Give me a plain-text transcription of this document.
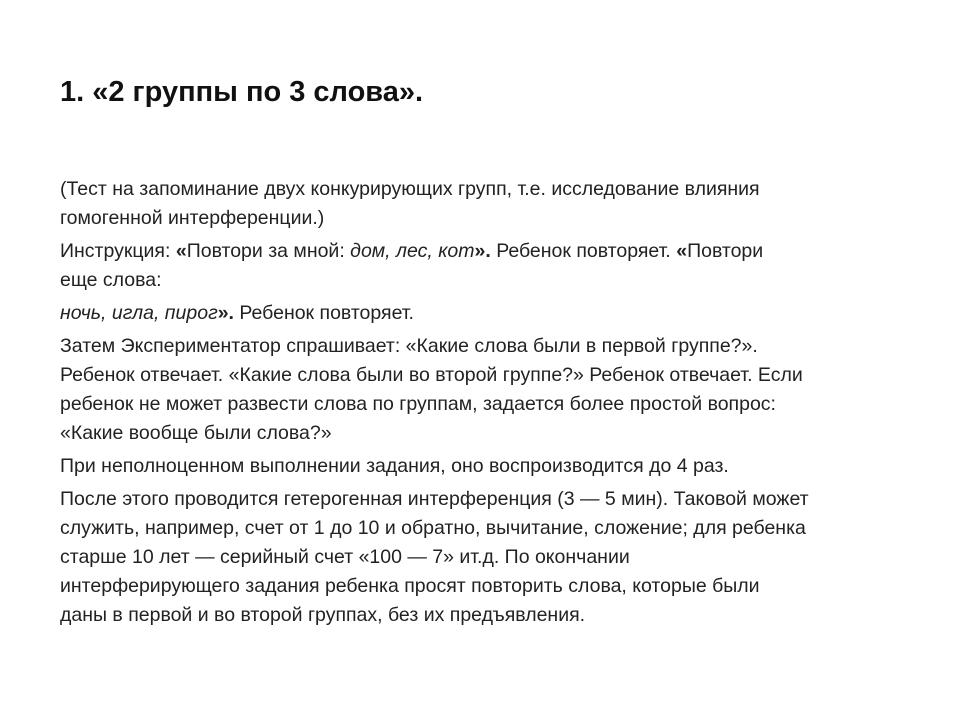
1. «2 группы по 3 слова».
(Тест на запоминание двух конкурирующих групп, т.е. исследование влияния
гомогенной интерференции.)
Инструкция: «Повтори за мной: дом, лес, кот». Ребенок повторяет. «Повтори
еще слова:
ночь, игла, пирог». Ребенок повторяет.
Затем Экспериментатор спрашивает: «Какие слова были в первой группе?».
Ребенок отвечает. «Какие слова были во второй группе?» Ребенок отвечает. Если
ребенок не может развести слова по группам, задается более простой вопрос:
«Какие вообще были слова?»
При неполноценном выполнении задания, оно воспроизводится до 4 раз.
После этого проводится гетерогенная интерференция (3 — 5 мин). Таковой может
служить, например, счет от 1 до 10 и обратно, вычитание, сложение; для ребенка
старше 10 лет — серийный счет «100 — 7» ит.д. По окончании
интерферирующего задания ребенка просят повторить слова, которые были
даны в первой и во второй группах, без их предъявления.
